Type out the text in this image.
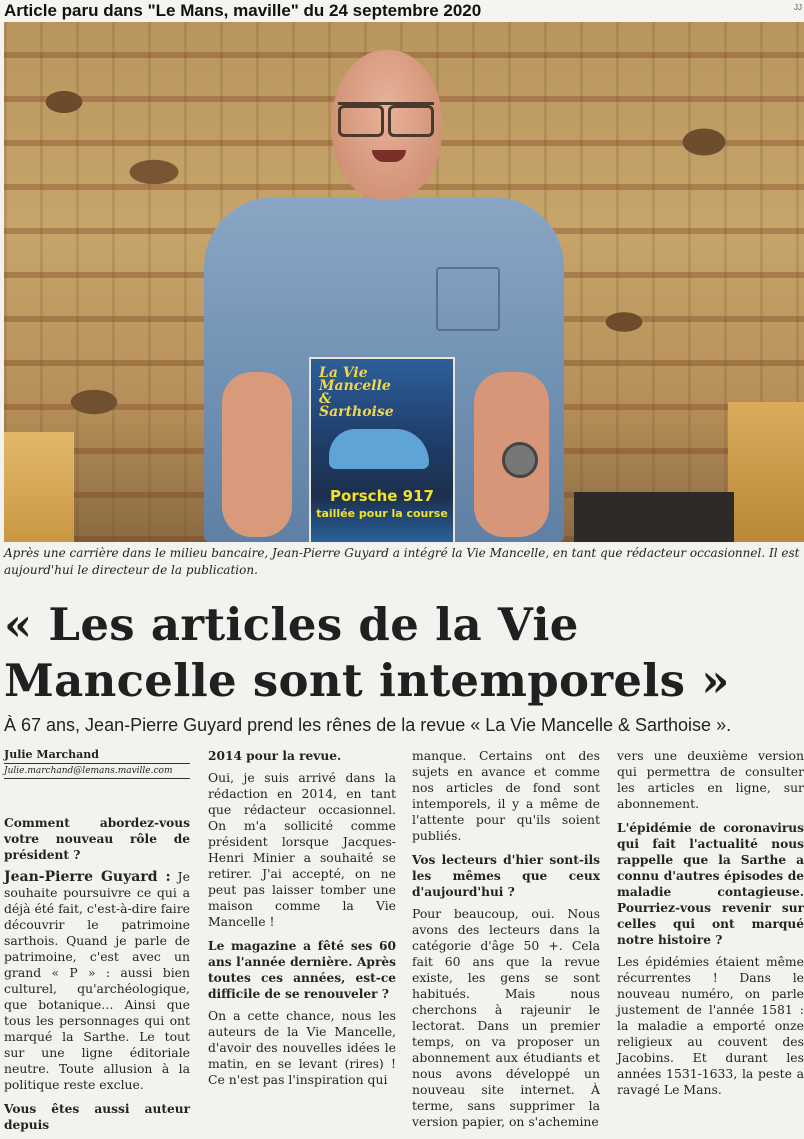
Article paru dans "Le Mans, maville" du 24 septembre 2020	JJ
La Vie Mancelle & Sarthoise
Porsche 917
taillée pour la course
Après une carrière dans le milieu bancaire, Jean-Pierre Guyard a intégré la Vie Mancelle, en tant que rédacteur occasionnel. Il est aujourd'hui le directeur de la publication.
« Les articles de la Vie Mancelle sont intemporels »
À 67 ans, Jean-Pierre Guyard prend les rênes de la revue « La Vie Mancelle & Sarthoise ».
Julie Marchand
Julie.marchand@lemans.maville.com
Comment abordez-vous votre nouveau rôle de président ?
Jean-Pierre Guyard : Je souhaite poursuivre ce qui a déjà été fait, c'est-à-dire faire découvrir le patrimoine sarthois. Quand je parle de patrimoine, c'est avec un grand « P » : aussi bien culturel, qu'archéologique, que botanique… Ainsi que tous les personnages qui ont marqué la Sarthe. Le tout sur une ligne éditoriale neutre. Toute allusion à la politique reste exclue.
Vous êtes aussi auteur depuis
2014 pour la revue.
Oui, je suis arrivé dans la rédaction en 2014, en tant que rédacteur occasionnel. On m'a sollicité comme président lorsque Jacques-Henri Minier a souhaité se retirer. J'ai accepté, on ne peut pas laisser tomber une maison comme la Vie Mancelle !
Le magazine a fêté ses 60 ans l'année dernière. Après toutes ces années, est-ce difficile de se renouveler ?
On a cette chance, nous les auteurs de la Vie Mancelle, d'avoir des nouvelles idées le matin, en se levant (rires) ! Ce n'est pas l'inspiration qui
manque. Certains ont des sujets en avance et comme nos articles de fond sont intemporels, il y a même de l'attente pour qu'ils soient publiés.
Vos lecteurs d'hier sont-ils les mêmes que ceux d'aujourd'hui ?
Pour beaucoup, oui. Nous avons des lecteurs dans la catégorie d'âge 50 +. Cela fait 60 ans que la revue existe, les gens se sont habitués. Mais nous cherchons à rajeunir le lectorat. Dans un premier temps, on va proposer un abonnement aux étudiants et nous avons développé un nouveau site internet. À terme, sans supprimer la version papier, on s'achemine
vers une deuxième version qui permettra de consulter les articles en ligne, sur abonnement.
L'épidémie de coronavirus qui fait l'actualité nous rappelle que la Sarthe a connu d'autres épisodes de maladie contagieuse. Pourriez-vous revenir sur celles qui ont marqué notre histoire ?
Les épidémies étaient même récurrentes ! Dans le nouveau numéro, on parle justement de l'année 1581 : la maladie a emporté onze religieux au couvent des Jacobins. Et durant les années 1531-1633, la peste a ravagé Le Mans.
